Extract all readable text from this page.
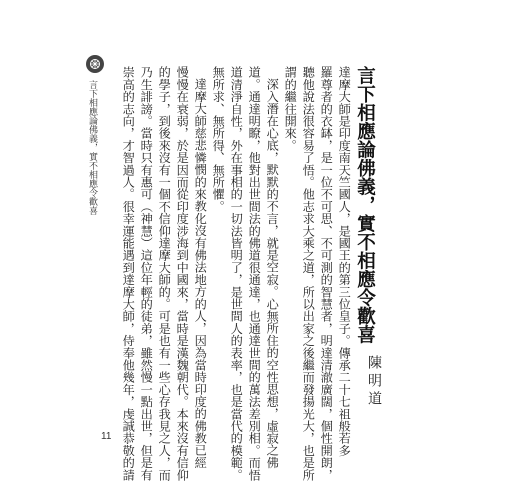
言下相應論佛義，實不相應令歡喜	言下相應論佛義，實不相應令歡喜
陳明道
達摩大師是印度南天竺國人，是國王的第三位皇子。傳承二十七祖般若多
羅尊者的衣缽，是一位不可思、不可測的智慧者，明達清澈廣闊，個性開朗，
聽他說法很容易了悟。他志求大乘之道，所以出家之後繼而發揚光大，也是所
謂的繼往開來。
深入潛在心底，默默的不言，就是空寂。心無所住的空性思想，虛寂之佛
道。通達明瞭，他對出世間法的佛道很通達，也通達世間的萬法差別相。而悟
道清淨自性，外在事相的一切法皆明了，是世間人的表率，也是當代的模範。
無所求、無所得、無所懼。
達摩大師慈悲憐憫的來教化沒有佛法地方的人，因為當時印度的佛教已經
慢慢在衰弱，於是因而從印度涉海到中國來，當時是漢魏朝代。本來沒有信仰
的學子，到後來沒有一個不信仰達摩大師的。可是也有一些心存我見之人，而
乃生誹謗。當時只有惠可（神慧）這位年輕的徒弟，雖然慢一點出世，但是有
崇高的志向，才智過人。很幸運能遇到達摩大師，侍奉他幾年，虔誠恭敬的請
11
